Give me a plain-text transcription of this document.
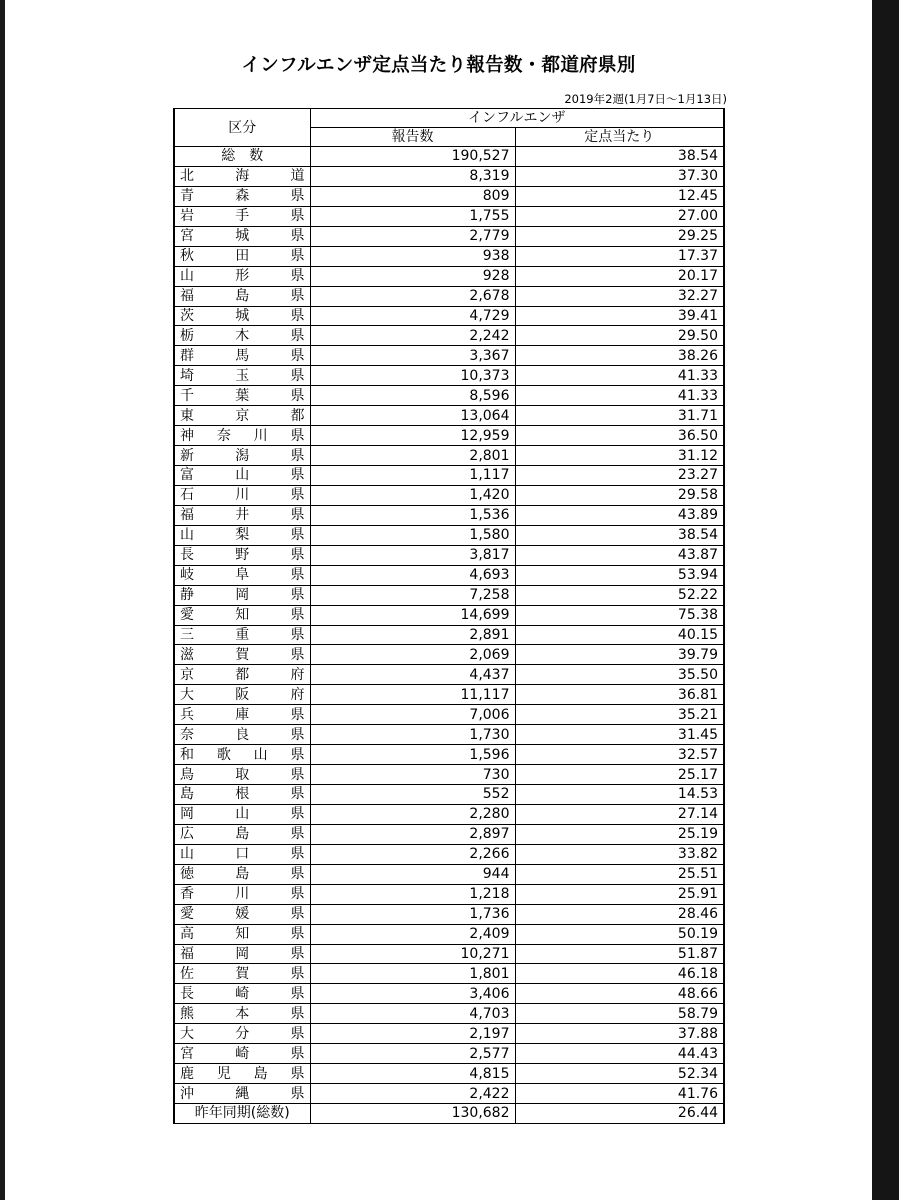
インフルエンザ定点当たり報告数・都道府県別
2019年2週(1月7日～1月13日)
区分	インフルエンザ	
	報告数	定点当たり
総　数	190,527	38.54

北 海 道	8,319	37.30

青 森 県	809	12.45

岩 手 県	1,755	27.00

宮 城 県	2,779	29.25

秋 田 県	938	17.37

山 形 県	928	20.17

福 島 県	2,678	32.27

茨 城 県	4,729	39.41

栃 木 県	2,242	29.50

群 馬 県	3,367	38.26

埼 玉 県	10,373	41.33

千 葉 県	8,596	41.33

東 京 都	13,064	31.71

神 奈 川 県	12,959	36.50

新 潟 県	2,801	31.12

富 山 県	1,117	23.27

石 川 県	1,420	29.58

福 井 県	1,536	43.89

山 梨 県	1,580	38.54

長 野 県	3,817	43.87

岐 阜 県	4,693	53.94

静 岡 県	7,258	52.22

愛 知 県	14,699	75.38

三 重 県	2,891	40.15

滋 賀 県	2,069	39.79

京 都 府	4,437	35.50

大 阪 府	11,117	36.81

兵 庫 県	7,006	35.21

奈 良 県	1,730	31.45

和 歌 山 県	1,596	32.57

鳥 取 県	730	25.17

島 根 県	552	14.53

岡 山 県	2,280	27.14

広 島 県	2,897	25.19

山 口 県	2,266	33.82

徳 島 県	944	25.51

香 川 県	1,218	25.91

愛 媛 県	1,736	28.46

高 知 県	2,409	50.19

福 岡 県	10,271	51.87

佐 賀 県	1,801	46.18

長 崎 県	3,406	48.66

熊 本 県	4,703	58.79

大 分 県	2,197	37.88

宮 崎 県	2,577	44.43

鹿 児 島 県	4,815	52.34

沖 縄 県	2,422	41.76
昨年同期(総数)	130,682	26.44
